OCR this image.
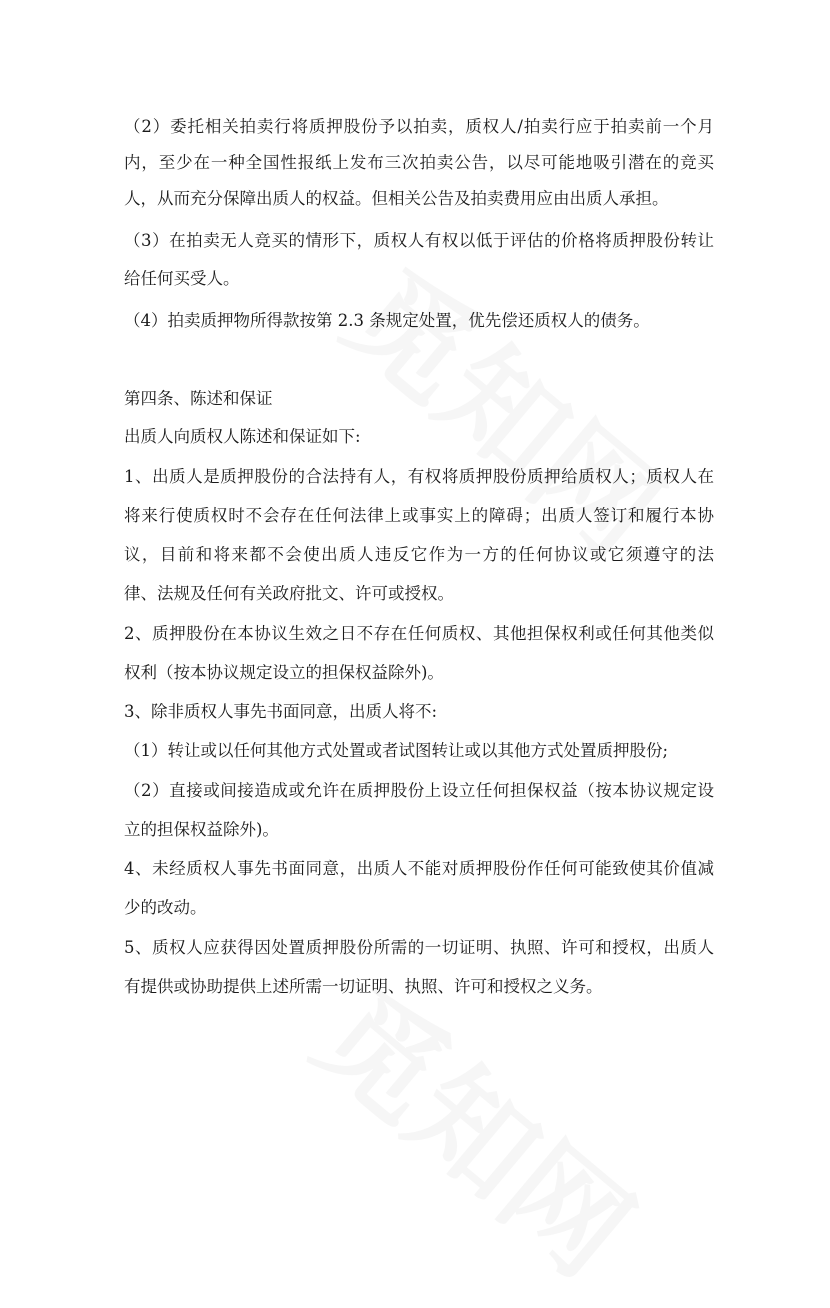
（2）委托相关拍卖行将质押股份予以拍卖，质权人/拍卖行应于拍卖前一个月
内，至少在一种全国性报纸上发布三次拍卖公告，以尽可能地吸引潜在的竞买
人，从而充分保障出质人的权益。但相关公告及拍卖费用应由出质人承担。
（3）在拍卖无人竞买的情形下，质权人有权以低于评估的价格将质押股份转让
给任何买受人。
（4）拍卖质押物所得款按第 2.3 条规定处置，优先偿还质权人的债务。
第四条、陈述和保证
出质人向质权人陈述和保证如下:
1、出质人是质押股份的合法持有人，有权将质押股份质押给质权人；质权人在
将来行使质权时不会存在任何法律上或事实上的障碍；出质人签订和履行本协
议，目前和将来都不会使出质人违反它作为一方的任何协议或它须遵守的法
律、法规及任何有关政府批文、许可或授权。
2、质押股份在本协议生效之日不存在任何质权、其他担保权利或任何其他类似
权利（按本协议规定设立的担保权益除外)。
3、除非质权人事先书面同意，出质人将不:
（1）转让或以任何其他方式处置或者试图转让或以其他方式处置质押股份;
（2）直接或间接造成或允许在质押股份上设立任何担保权益（按本协议规定设
立的担保权益除外)。
4、未经质权人事先书面同意，出质人不能对质押股份作任何可能致使其价值减
少的改动。
5、质权人应获得因处置质押股份所需的一切证明、执照、许可和授权，出质人
有提供或协助提供上述所需一切证明、执照、许可和授权之义务。
